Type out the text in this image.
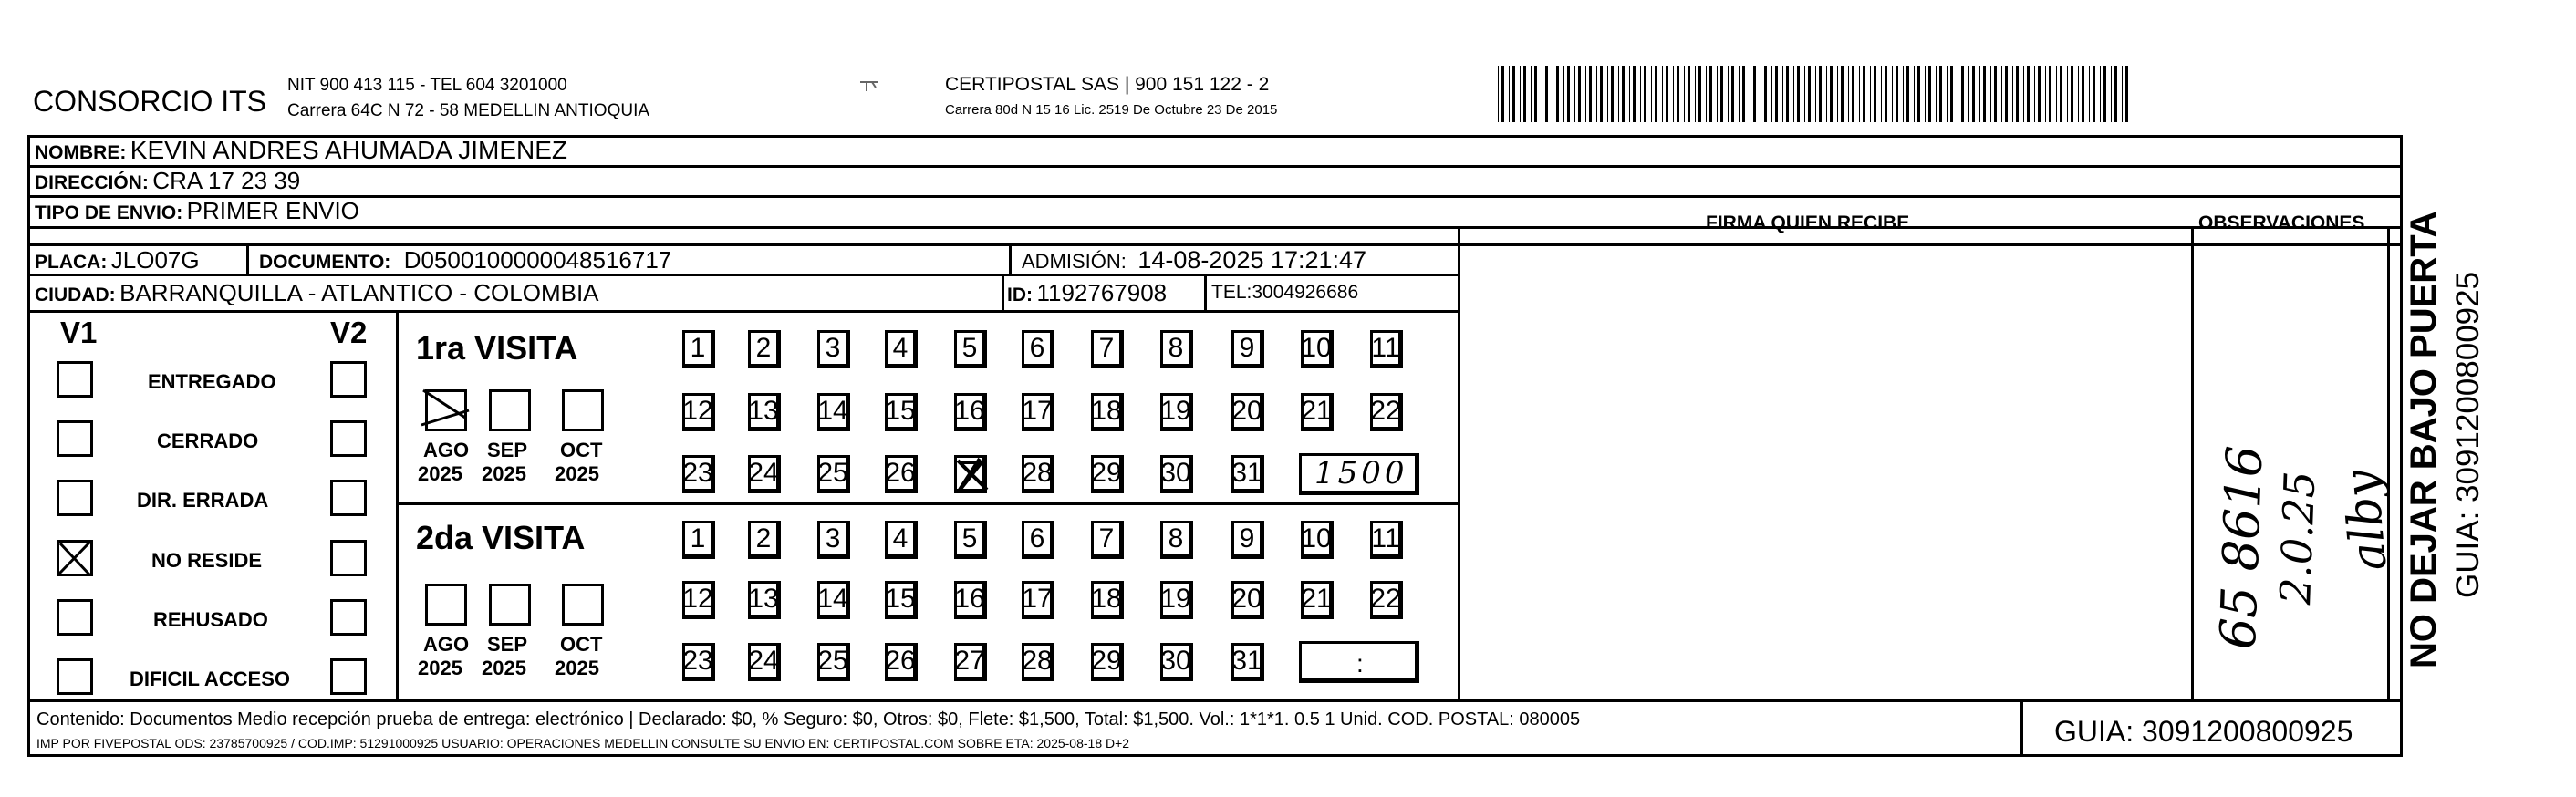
CONSORCIO ITS NIT 900 413 115 - TEL 604 3201000
Carrera 64C N 72 - 58 MEDELLIN ANTIOQUIA
CERTIPOSTAL SAS | 900 151 122 - 2
Carrera 80d N 15 16 Lic. 2519 De Octubre 23 De 2015
NOMBRE: KEVIN ANDRES AHUMADA JIMENEZ
DIRECCIÓN: CRA 17 23 39
TIPO DE ENVIO: PRIMER ENVIO	FIRMA QUIEN RECIBE	OBSERVACIONES
PLACA: JLO07G	DOCUMENTO: D0500100000048516717	ADMISIÓN: 14-08-2025 17:21:47
CIUDAD: BARRANQUILLA - ATLANTICO - COLOMBIA	ID: 1192767908 TEL:3004926686
V1	V2
ENTREGADO
CERRADO
DIR. ERRADA
NO RESIDE
REHUSADO
DIFICIL ACCESO
1ra VISITA
AGO
2025
SEP
2025
OCT
2025
1 2 3 4 5 6 7 8 9 10 11
12 13 14 15 16 17 18 19 20 21 22
23 24 25 26	28 29 30 31 1500
2da VISITA
AGO
2025
SEP
2025
OCT
2025
1 2 3 4 5 6 7 8 9 10 11
12 13 14 15 16 17 18 19 20 21 22
23 24 25 26 27 28 29 30 31	:
65 8616
2.0.25 alby
Contenido: Documentos Medio recepción prueba de entrega: electrónico | Declarado: $0, % Seguro: $0, Otros: $0, Flete: $1,500, Total: $1,500. Vol.: 1*1*1. 0.5 1 Unid. COD. POSTAL: 080005
IMP POR FIVEPOSTAL ODS: 23785700925 / COD.IMP: 51291000925 USUARIO: OPERACIONES MEDELLIN CONSULTE SU ENVIO EN: CERTIPOSTAL.COM SOBRE ETA: 2025-08-18 D+2	GUIA: 3091200800925
NO DEJAR BAJO PUERTA GUIA: 3091200800925
